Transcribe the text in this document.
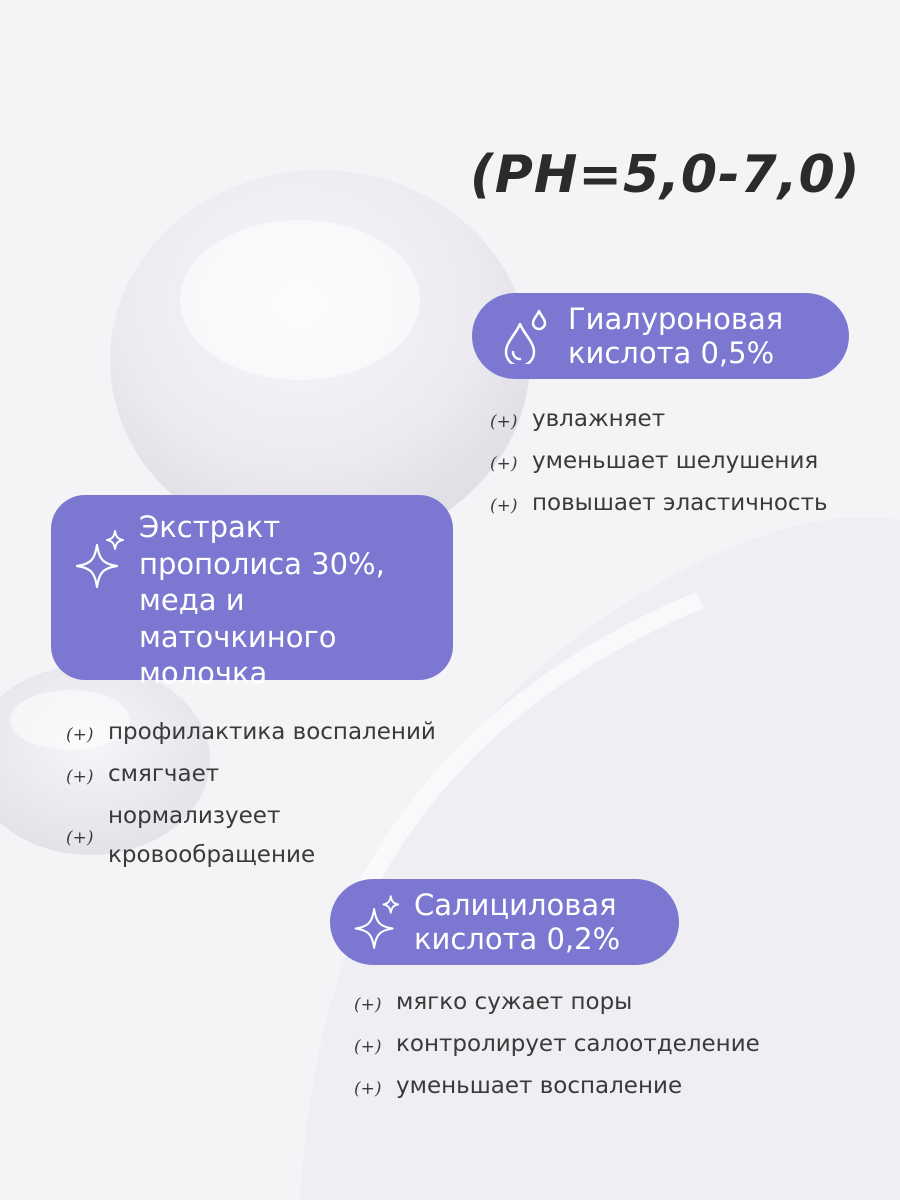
(PH=5,0-7,0)
Гиалуроновая кислота 0,5%
(+) увлажняет
(+) уменьшает шелушения
(+) повышает эластичность
Экстракт прополиса 30%, меда и маточкиного молочка
(+) профилактика воспалений
(+) смягчает
(+)
нормализуеет кровообращение
Салициловая кислота 0,2%
(+) мягко сужает поры
(+) контролирует салоотделение
(+) уменьшает воспаление
